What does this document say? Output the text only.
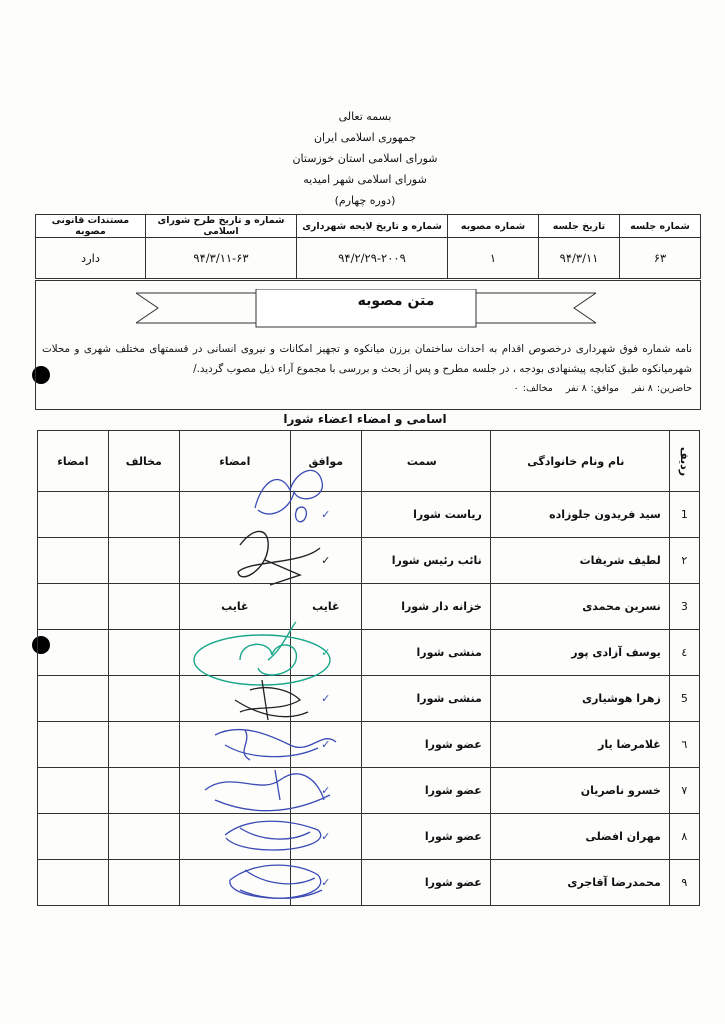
بسمه تعالی
جمهوری اسلامی ایران
شورای اسلامی استان خوزستان
شورای اسلامی شهر امیدیه
(دوره چهارم)
شماره جلسه	تاریخ جلسه	شماره مصوبه	شماره و تاریخ لایحه شهرداری	شماره و تاریخ طرح شورای اسلامی	مستندات قانونی مصوبه
۶۳	۹۴/۳/۱۱	۱	۹۴/۲/۲۹-۲۰۰۹	۹۴/۳/۱۱-۶۳	دارد
متن مصوبه
نامه شماره فوق شهرداری درخصوص اقدام به احداث ساختمان برزن میانکوه و تجهیز امکانات و نیروی انسانی در قسمتهای مختلف شهری و محلات شهرمیانکوه طبق کتابچه پیشنهادی بودجه ، در جلسه مطرح و پس از بحث و بررسی با مجموع آراء ذیل مصوب گردید./
حاضرین:۸ نفر موافق:۸ نفر مخالف:۰
اسامی و امضاء اعضاء شورا
ردیف	نام ونام خانوادگی	سمت	موافق	امضاء	مخالف	امضاء
1	سید فریدون جلوزاده	ریاست شورا	✓			
٢	لطیف شریفات	نائب رئیس شورا	✓			
3	نسرین محمدی	خزانه دار شورا	غایب	غایب		
٤	یوسف آزادی پور	منشی شورا	✓			
5	زهرا هوشیاری	منشی شورا	✓			
٦	غلامرضا یار	عضو شورا	✓			
٧	خسرو ناصریان	عضو شورا	✓			
٨	مهران افضلی	عضو شورا	✓			
٩	محمدرضا آقاجری	عضو شورا	✓			
